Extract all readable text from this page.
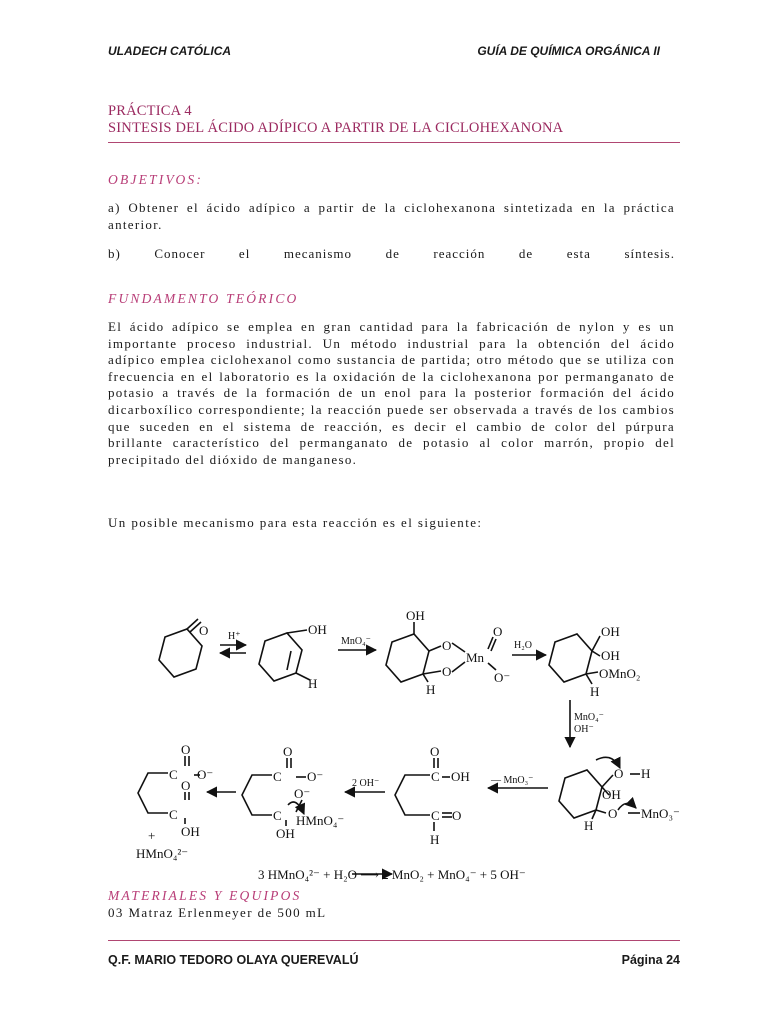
ULADECH CATÓLICA	GUÍA DE QUÍMICA ORGÁNICA II
PRÁCTICA 4
SINTESIS DEL ÁCIDO ADÍPICO A PARTIR DE LA CICLOHEXANONA
OBJETIVOS:
a) Obtener el ácido adípico a partir de la ciclohexanona sintetizada en la práctica anterior.
b)	Conocer	el	mecanismo	de	reacción	de	esta	síntesis.
FUNDAMENTO TEÓRICO
El ácido adípico se emplea en gran cantidad para la fabricación de nylon y es un importante proceso industrial. Un método industrial para la obtención del ácido adípico emplea ciclohexanol como sustancia de partida; otro método que se utiliza con frecuencia en el laboratorio es la oxidación de la ciclohexanona por permanganato de potasio a través de la formación de un enol para la posterior formación del ácido dicarboxílico correspondiente; la reacción puede ser observada a través de los cambios que suceden en el sistema de reacción, es decir el cambio de color del púrpura brillante característico del permanganato de potasio al color marrón, propio del precipitado del dióxido de manganeso.
Un posible mecanismo para esta reacción es el siguiente:
O H⁺	OH
H
MnO₄⁻
OH
O
O
Mn
O
O⁻
H
H₂O
OH
OH
OMnO₂
H
MnO₄⁻
OH⁻
O H
OH
O MnO₃⁻
H
— MnO₃⁻
O
C OH
C O
H
2 OH⁻
O
C O⁻
C
O⁻
HMnO₄⁻
OH
O
C O⁻
O
C
OH
+
HMnO₄²⁻
3 HMnO₄²⁻ + H₂O ⟶ 2 MnO₂ + MnO₄⁻ + 5 OH⁻
MATERIALES Y EQUIPOS
03 Matraz Erlenmeyer de 500 mL
Q.F. MARIO TEDORO OLAYA QUEREVALÚ	Página 24
